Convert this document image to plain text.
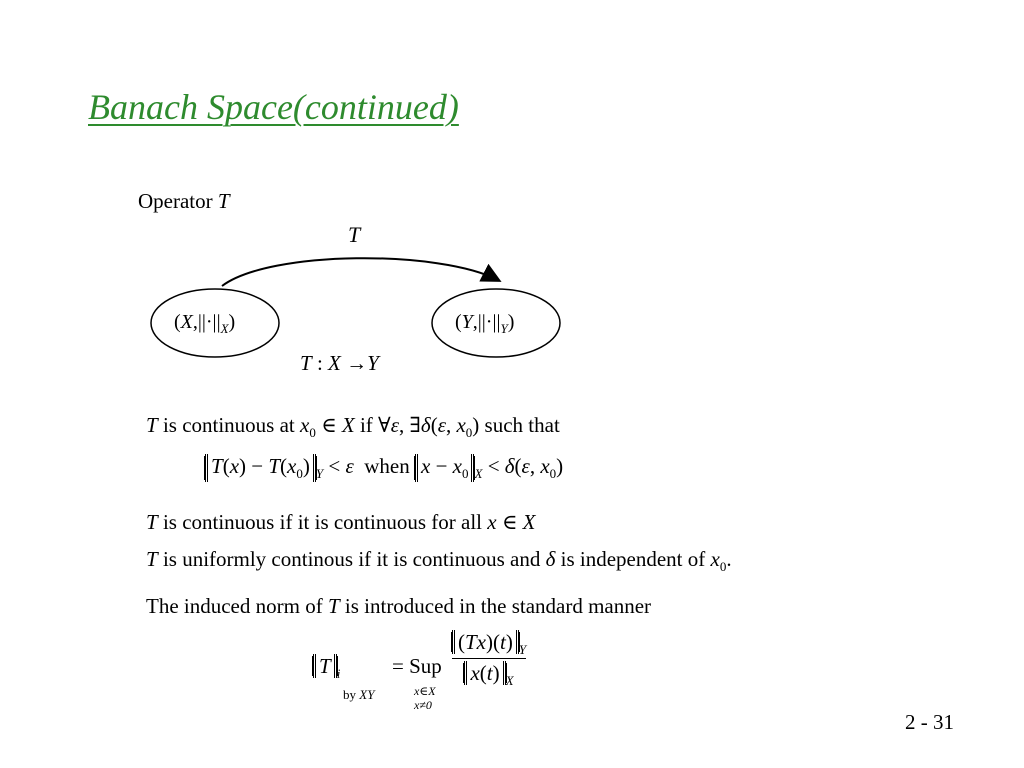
Banach Space(continued)
Operator T
T
$(X,||\cdot||_X)$	$(Y,||\cdot||_Y)$
T : X →Y
T is continuous at $x_0$ ∈ X if ∀ε, ∃δ(ε, $x_0$) such that
$T(x) - T(x_0) _Y < \varepsilon$ when $x - x_0$ $_X$ < δ(ε, $x_0$)
T is continuous if it is continuous for all x ∈ X
T is uniformly continous if it is continuous and δ is independent of $x_0$.
The induced norm of T is introduced in the standard manner
T $_i$
by XY
= Sup
x∈X
x≠0
$\frac{(Tx)(t) _Y}{x(t) _X}$
2 - 31
